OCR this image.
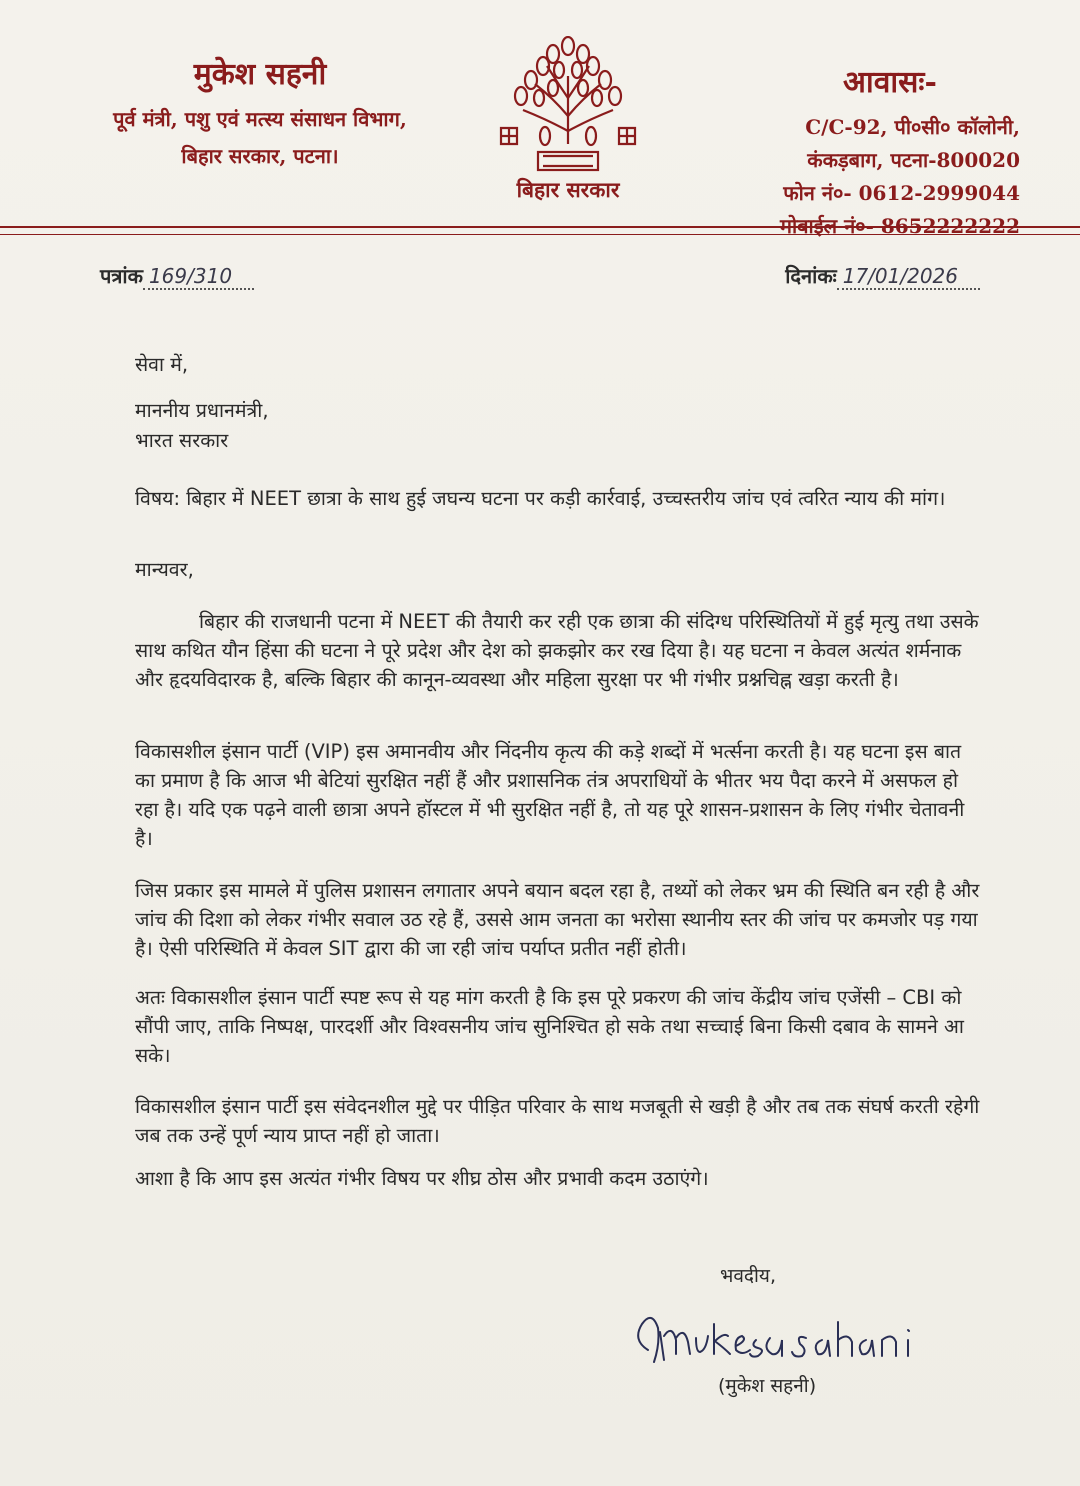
मुकेश सहनी
पूर्व मंत्री, पशु एवं मत्स्य संसाधन विभाग,
बिहार सरकार, पटना।
बिहार सरकार
आवासः-
C/C-92, पी०सी० कॉलोनी,
कंकड़बाग, पटना-800020
फोन नं०- 0612-2999044
मोबाईल नं०- 8652222222
पत्रांक 169/310	दिनांकः 17/01/2026
सेवा में,
माननीय प्रधानमंत्री,
भारत सरकार

विषय: बिहार में NEET छात्रा के साथ हुई जघन्य घटना पर कड़ी कार्रवाई, उच्चस्तरीय जांच एवं त्वरित न्याय की मांग।

मान्यवर,

बिहार की राजधानी पटना में NEET की तैयारी कर रही एक छात्रा की संदिग्ध परिस्थितियों में हुई मृत्यु तथा उसके साथ कथित यौन हिंसा की घटना ने पूरे प्रदेश और देश को झकझोर कर रख दिया है। यह घटना न केवल अत्यंत शर्मनाक और हृदयविदारक है, बल्कि बिहार की कानून-व्यवस्था और महिला सुरक्षा पर भी गंभीर प्रश्नचिह्न खड़ा करती है।

विकासशील इंसान पार्टी (VIP) इस अमानवीय और निंदनीय कृत्य की कड़े शब्दों में भर्त्सना करती है। यह घटना इस बात का प्रमाण है कि आज भी बेटियां सुरक्षित नहीं हैं और प्रशासनिक तंत्र अपराधियों के भीतर भय पैदा करने में असफल हो रहा है। यदि एक पढ़ने वाली छात्रा अपने हॉस्टल में भी सुरक्षित नहीं है, तो यह पूरे शासन-प्रशासन के लिए गंभीर चेतावनी है।

जिस प्रकार इस मामले में पुलिस प्रशासन लगातार अपने बयान बदल रहा है, तथ्यों को लेकर भ्रम की स्थिति बन रही है और जांच की दिशा को लेकर गंभीर सवाल उठ रहे हैं, उससे आम जनता का भरोसा स्थानीय स्तर की जांच पर कमजोर पड़ गया है। ऐसी परिस्थिति में केवल SIT द्वारा की जा रही जांच पर्याप्त प्रतीत नहीं होती।

अतः विकासशील इंसान पार्टी स्पष्ट रूप से यह मांग करती है कि इस पूरे प्रकरण की जांच केंद्रीय जांच एजेंसी – CBI को सौंपी जाए, ताकि निष्पक्ष, पारदर्शी और विश्वसनीय जांच सुनिश्चित हो सके तथा सच्चाई बिना किसी दबाव के सामने आ सके।

विकासशील इंसान पार्टी इस संवेदनशील मुद्दे पर पीड़ित परिवार के साथ मजबूती से खड़ी है और तब तक संघर्ष करती रहेगी जब तक उन्हें पूर्ण न्याय प्राप्त नहीं हो जाता।

आशा है कि आप इस अत्यंत गंभीर विषय पर शीघ्र ठोस और प्रभावी कदम उठाएंगे।

भवदीय,
(मुकेश सहनी)
